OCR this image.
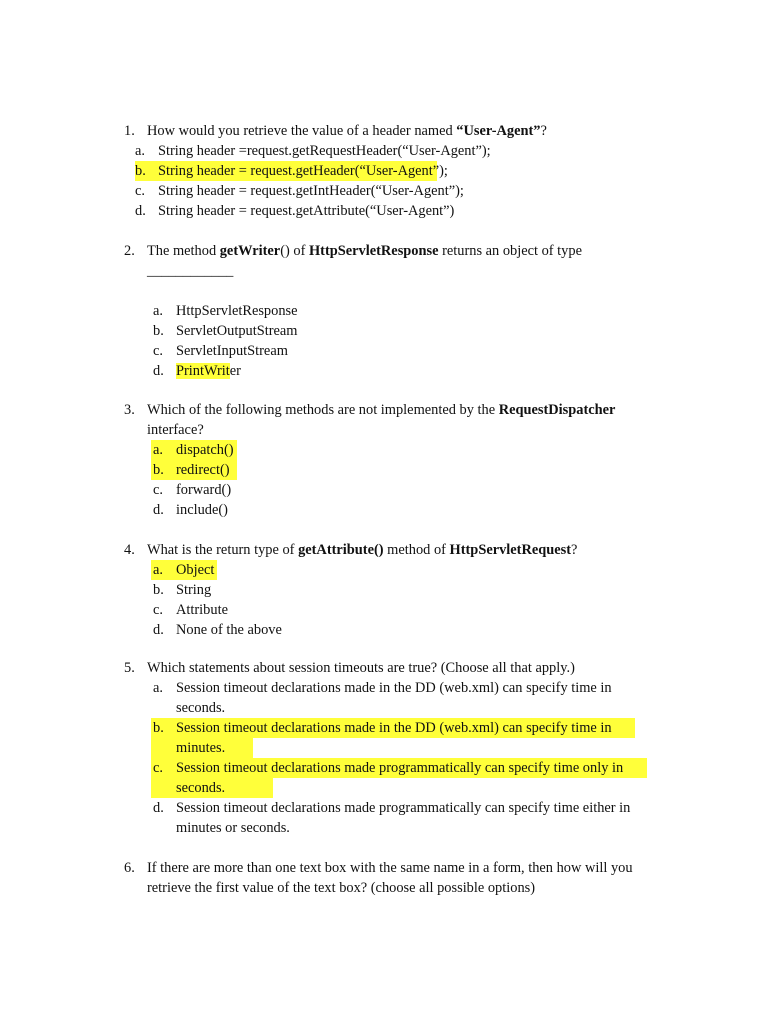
1. How would you retrieve the value of a header named “User-Agent”?
a. String header =request.getRequestHeader(“User-Agent”);
b. String header = request.getHeader(“User-Agent”);
c. String header = request.getIntHeader(“User-Agent”);
d. String header = request.getAttribute(“User-Agent”)
2. The method getWriter() of HttpServletResponse returns an object of type
____________
a. HttpServletResponse
b. ServletOutputStream
c. ServletInputStream
d. PrintWriter
3. Which of the following methods are not implemented by the RequestDispatcher interface?
a. dispatch()
b. redirect()
c. forward()
d. include()
4. What is the return type of getAttribute() method of HttpServletRequest?
a. Object
b. String
c. Attribute
d. None of the above
5. Which statements about session timeouts are true? (Choose all that apply.)
a. Session timeout declarations made in the DD (web.xml) can specify time in seconds.
b. Session timeout declarations made in the DD (web.xml) can specify time in minutes.
c. Session timeout declarations made programmatically can specify time only in seconds.
d. Session timeout declarations made programmatically can specify time either in minutes or seconds.
6. If there are more than one text box with the same name in a form, then how will you retrieve the first value of the text box? (choose all possible options)
